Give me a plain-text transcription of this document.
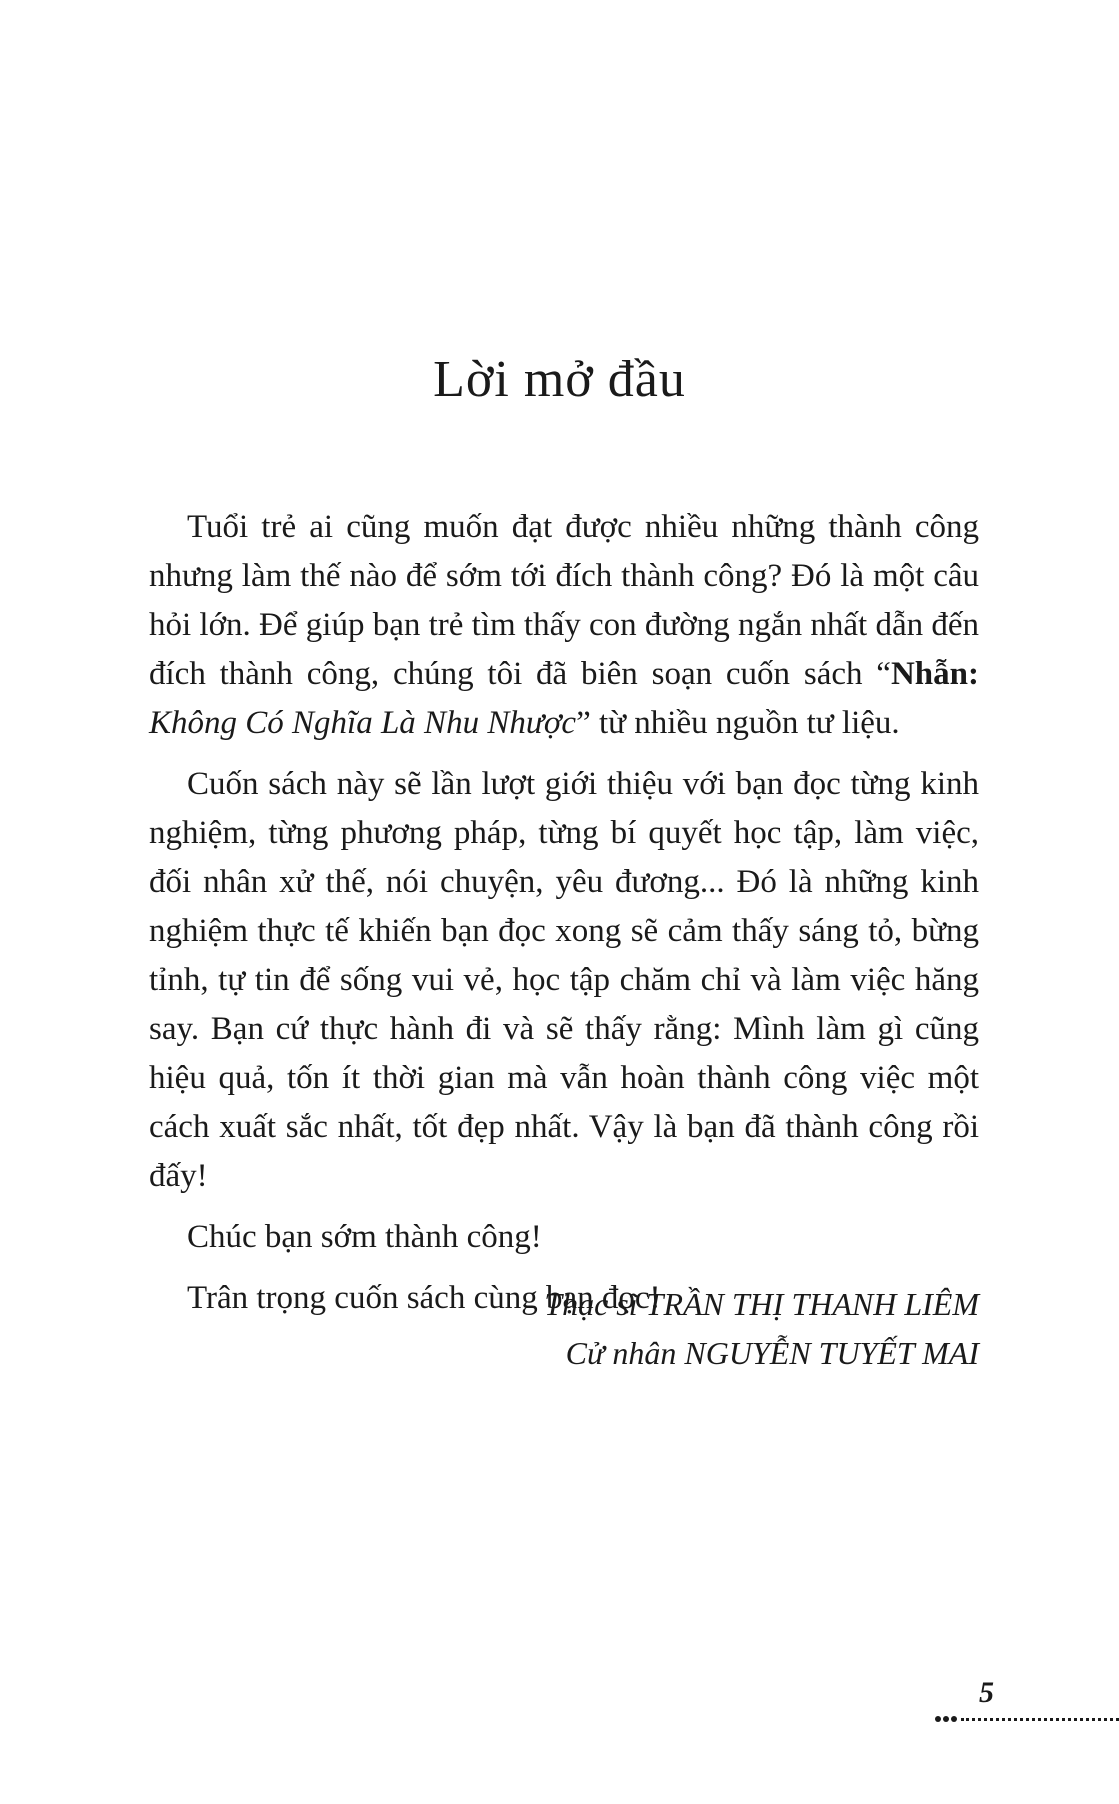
Lời mở đầu

Tuổi trẻ ai cũng muốn đạt được nhiều những thành công nhưng làm thế nào để sớm tới đích thành công? Đó là một câu hỏi lớn. Để giúp bạn trẻ tìm thấy con đường ngắn nhất dẫn đến đích thành công, chúng tôi đã biên soạn cuốn sách “Nhẫn: Không Có Nghĩa Là Nhu Nhược” từ nhiều nguồn tư liệu.

Cuốn sách này sẽ lần lượt giới thiệu với bạn đọc từng kinh nghiệm, từng phương pháp, từng bí quyết học tập, làm việc, đối nhân xử thế, nói chuyện, yêu đương... Đó là những kinh nghiệm thực tế khiến bạn đọc xong sẽ cảm thấy sáng tỏ, bừng tỉnh, tự tin để sống vui vẻ, học tập chăm chỉ và làm việc hăng say. Bạn cứ thực hành đi và sẽ thấy rằng: Mình làm gì cũng hiệu quả, tốn ít thời gian mà vẫn hoàn thành công việc một cách xuất sắc nhất, tốt đẹp nhất. Vậy là bạn đã thành công rồi đấy!

Chúc bạn sớm thành công!

Trân trọng cuốn sách cùng bạn đọc!

Thạc sĩ TRẦN THỊ THANH LIÊM
Cử nhân NGUYỄN TUYẾT MAI
5
